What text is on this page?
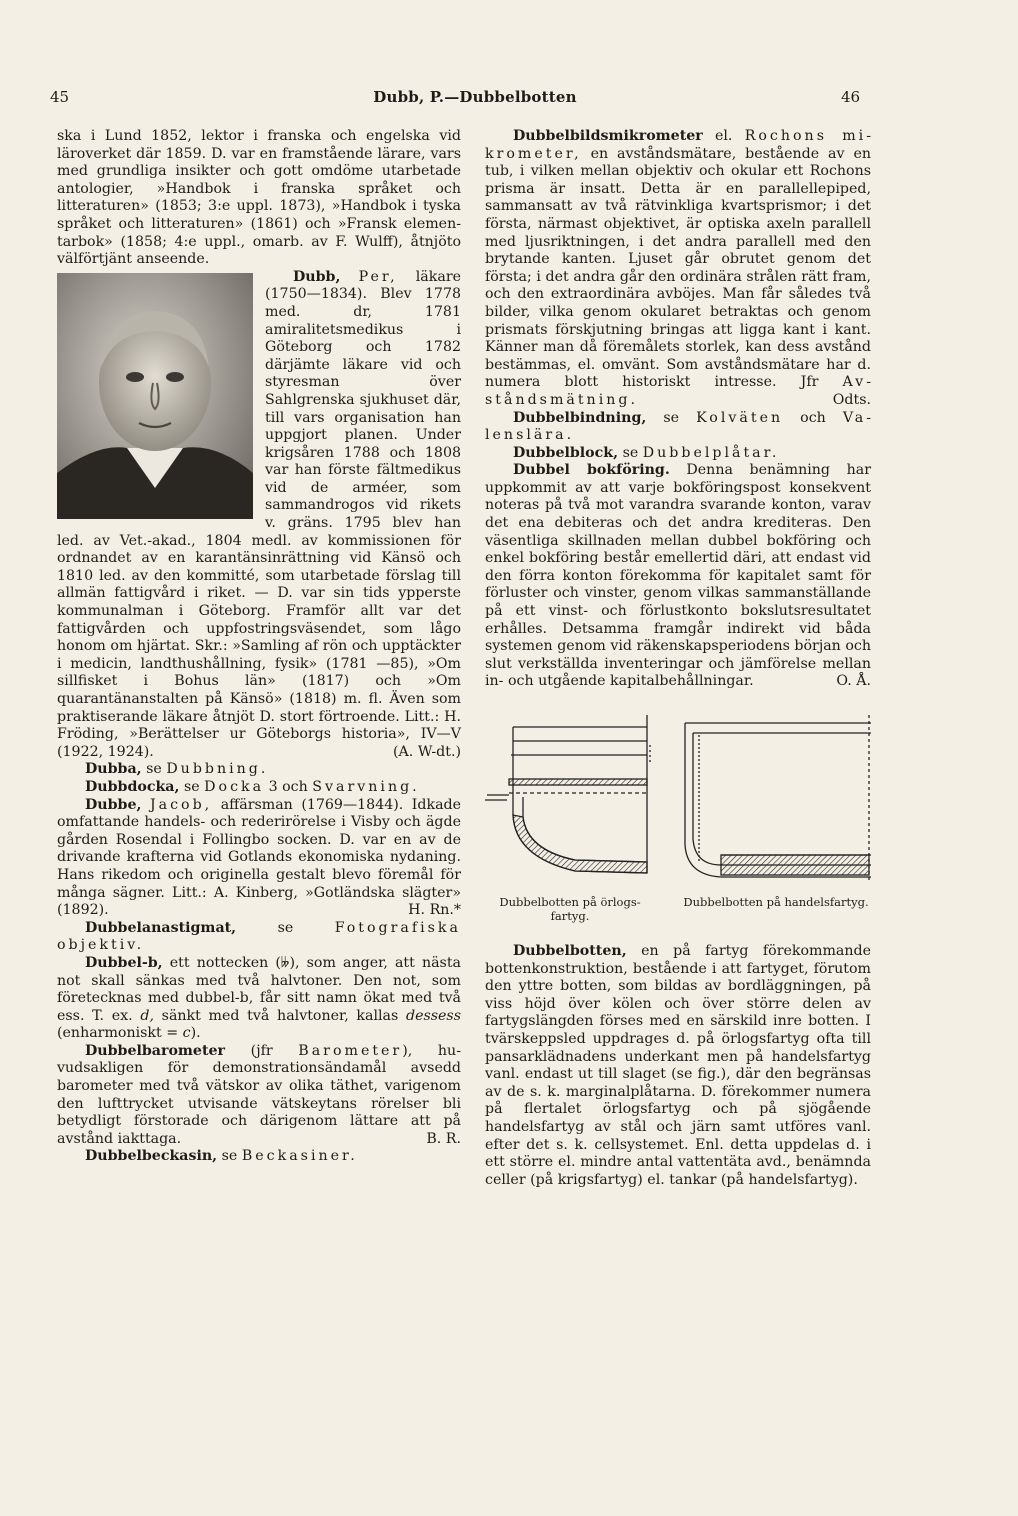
45	Dubb, P.—Dubbelbotten	46

ska i Lund 1852, lektor i franska och engelska vid läroverket där 1859. D. var en framstående lärare, vars med grundliga insikter och gott omdöme utarbetade antologier, »Handbok i franska språket och litteraturen» (1853; 3:e uppl. 1873), »Handbok i tyska språket och litteraturen» (1861) och »Fransk elementarbok» (1858; 4:e uppl., omarb. av F. Wulff), åtnjöto välförtjänt anseende.

Dubb, Per, läkare (1750—1834). Blev 1778 med. dr, 1781 amiralitetsmedikus i Göteborg och 1782 därjämte läkare vid och styresman över Sahlgrenska sjukhuset där, till vars organisation han uppgjort planen. Under krigsåren 1788 och 1808 var han förste fältmedikus vid de arméer, som sammandrogos vid rikets v. gräns. 1795 blev han led. av Vet.-akad., 1804 medl. av kommissionen för ordnandet av en karantänsinrättning vid Känsö och 1810 led. av den kommitté, som utarbetade förslag till allmän fattigvård i riket. — D. var sin tids ypperste kommunalman i Göteborg. Framför allt var det fattigvården och uppfostringsväsendet, som lågo honom om hjärtat. Skr.: »Samling af rön och upptäckter i medicin, landthushållning, fysik» (1781 —85), »Om sillfisket i Bohus län» (1817) och »Om quarantänanstalten på Känsö» (1818) m. fl. Även som praktiserande läkare åtnjöt D. stort förtroende. Litt.: H. Fröding, »Berättelser ur Göteborgs historia», IV—V (1922, 1924).	(A. W-dt.)

Dubba, se Dubbning.

Dubbdocka, se Docka 3 och Svarvning.

Dubbe, Jacob, affärsman (1769—1844). Idkade omfattande handels- och rederirörelse i Visby och ägde gården Rosendal i Follingbo socken. D. var en av de drivande krafterna vid Gotlands ekonomiska nydaning. Hans rikedom och originella gestalt blevo föremål för många sägner. Litt.: A. Kinberg, »Gotländska slägter» (1892).	H. Rn.*

Dubbelanastigmat,	se	Fotografiska objektiv.

Dubbel-b, ett nottecken (𝄫), som anger, att nästa not skall sänkas med två halvtoner. Den not, som företecknas med dubbel-b, får sitt namn ökat med två ess. T. ex. d, sänkt med två halvtoner, kallas dessess (enharmoniskt = c).

Dubbelbarometer (jfr Barometer), huvudsakligen för demonstrationsändamål avsedd barometer med två vätskor av olika täthet, varigenom den lufttrycket utvisande vätskeytans rörelser bli betydligt förstorade och därigenom lättare att på avstånd iakttaga.	B. R.

Dubbelbeckasin, se Beckasiner.

Dubbelbildsmikrometer el. Rochons mikrometer, en avståndsmätare, bestående av en tub, i vilken mellan objektiv och okular ett Rochons prisma är insatt. Detta är en parallellepiped, sammansatt av två rätvinkliga kvartsprismor; i det första, närmast objektivet, är optiska axeln parallell med ljusriktningen, i det andra parallell med den brytande kanten. Ljuset går obrutet genom det första; i det andra går den ordinära strålen rätt fram, och den extraordinära avböjes. Man får således två bilder, vilka genom okularet betraktas och genom prismats förskjutning bringas att ligga kant i kant. Känner man då föremålets storlek, kan dess avstånd bestämmas, el. omvänt. Som avståndsmätare har d. numera blott historiskt intresse. Jfr Avståndsmätning.	Odts.

Dubbelbindning, se Kolväten och Valenslära.

Dubbelblock, se Dubbelplåtar.

Dubbel bokföring. Denna benämning har uppkommit av att varje bokföringspost konsekvent noteras på två mot varandra svarande konton, varav det ena debiteras och det andra krediteras. Den väsentliga skillnaden mellan dubbel bokföring och enkel bokföring består emellertid däri, att endast vid den förra konton förekomma för kapitalet samt för förluster och vinster, genom vilkas sammanställande på ett vinst- och förlustkonto bokslutsresultatet erhålles. Detsamma framgår indirekt vid båda systemen genom vid räkenskapsperiodens början och slut verkställda inventeringar och jämförelse mellan in- och utgående kapitalbehållningar.	O. Å.

Dubbelbotten på örlogsfartyg.
Dubbelbotten på handelsfartyg.

Dubbelbotten, en på fartyg förekommande bottenkonstruktion, bestående i att fartyget, förutom den yttre botten, som bildas av bordläggningen, på viss höjd över kölen och över större delen av fartygslängden förses med en särskild inre botten. I tvärskeppsled uppdrages d. på örlogsfartyg ofta till pansarklädnadens underkant men på handelsfartyg vanl. endast ut till slaget (se fig.), där den begränsas av de s. k. marginalplåtarna. D. förekommer numera på flertalet örlogsfartyg och på sjögående handelsfartyg av stål och järn samt utföres vanl. efter det s. k. cellsystemet. Enl. detta uppdelas d. i ett större el. mindre antal vattentäta avd., benämnda celler (på krigsfartyg) el. tankar (på handelsfartyg).
